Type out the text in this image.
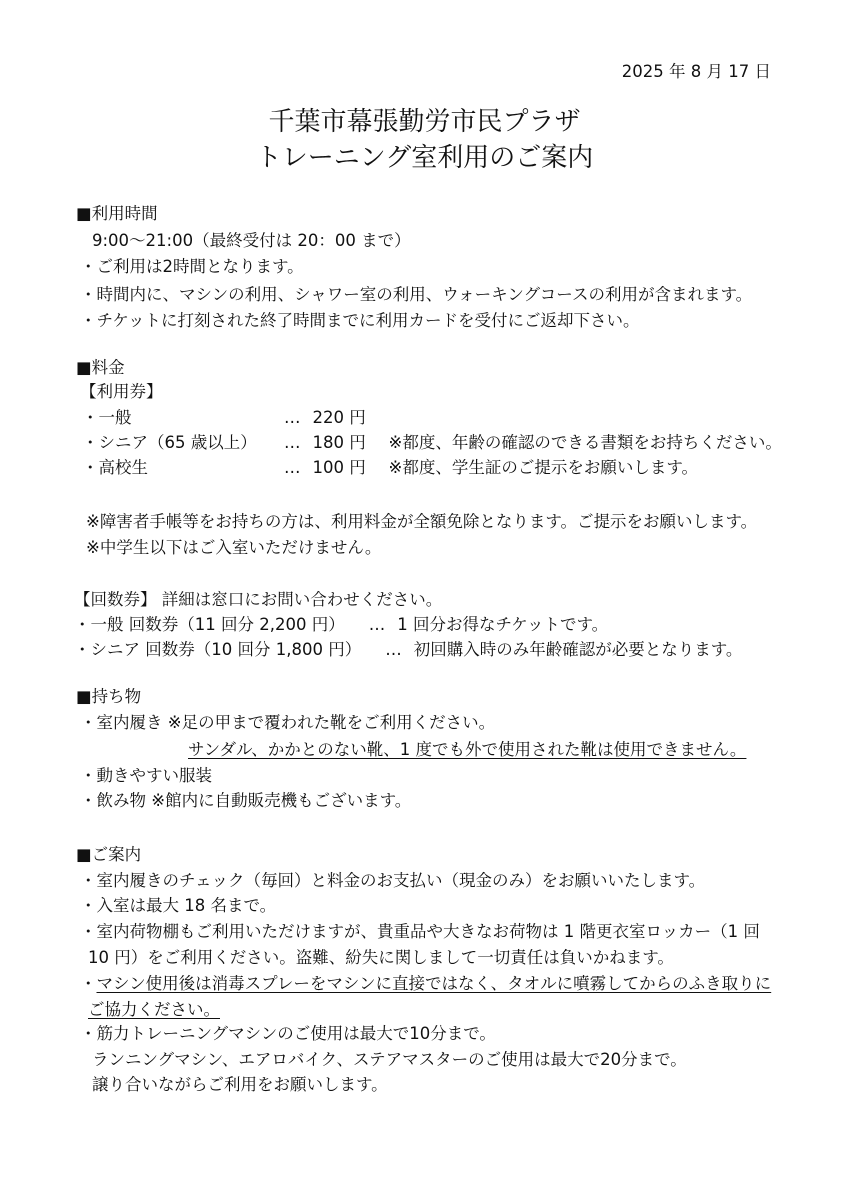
2025 年 8 月 17 日
千葉市幕張勤労市民プラザ
トレーニング室利用のご案内
■利用時間
9:00～21:00（最終受付は 20：00 まで）
・ご利用は2時間となります。
・時間内に、マシンの利用、シャワー室の利用、ウォーキングコースの利用が含まれます。
・チケットに打刻された終了時間までに利用カードを受付にご返却下さい。
■料金
【利用券】
・一般	… 220 円
・シニア（65 歳以上）	… 180 円	※都度、年齢の確認のできる書類をお持ちください。
・高校生	… 100 円	※都度、学生証のご提示をお願いします。
※障害者手帳等をお持ちの方は、利用料金が全額免除となります。ご提示をお願いします。
※中学生以下はご入室いただけません。
【回数券】 詳細は窓口にお問い合わせください。
・一般 回数券（11 回分 2,200 円）	… 1 回分お得なチケットです。
・シニア 回数券（10 回分 1,800 円）	… 初回購入時のみ年齢確認が必要となります。
■持ち物
・室内履き ※足の甲まで覆われた靴をご利用ください。
サンダル、かかとのない靴、1 度でも外で使用された靴は使用できません。
・動きやすい服装
・飲み物 ※館内に自動販売機もございます。
■ご案内
・室内履きのチェック（毎回）と料金のお支払い（現金のみ）をお願いいたします。
・入室は最大 18 名まで。
・室内荷物棚もご利用いただけますが、貴重品や大きなお荷物は 1 階更衣室ロッカー（1 回
10 円）をご利用ください。盗難、紛失に関しまして一切責任は負いかねます。
・ マシン使用後は消毒スプレーをマシンに直接ではなく、タオルに噴霧してからのふき取りに
ご協力ください。
・筋力トレーニングマシンのご使用は最大で10分まで。
ランニングマシン、エアロバイク、ステアマスターのご使用は最大で20分まで。
譲り合いながらご利用をお願いします。
